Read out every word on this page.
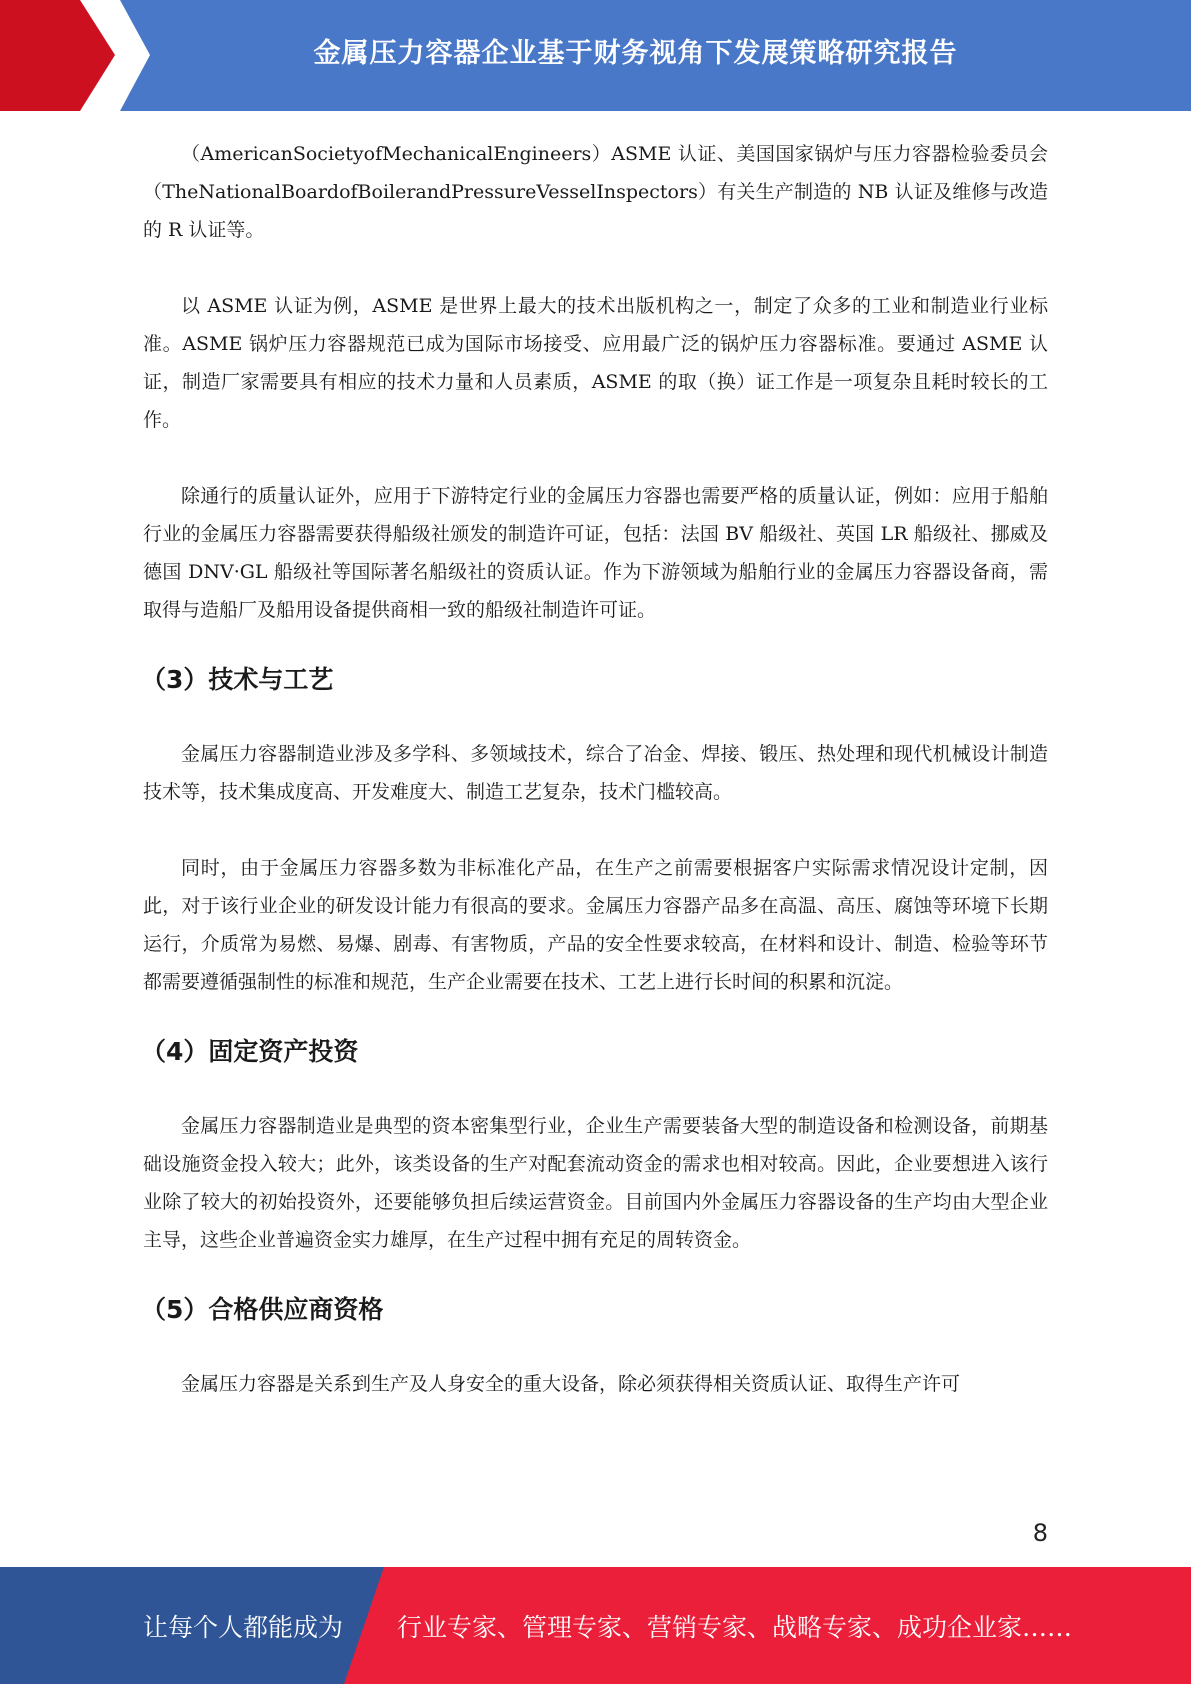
金属压力容器企业基于财务视角下发展策略研究报告

（AmericanSocietyofMechanicalEngineers）ASME 认证、美国国家锅炉与压力容器检验委员会（TheNationalBoardofBoilerandPressureVesselInspectors）有关生产制造的 NB 认证及维修与改造的 R 认证等。

以 ASME 认证为例，ASME 是世界上最大的技术出版机构之一，制定了众多的工业和制造业行业标准。ASME 锅炉压力容器规范已成为国际市场接受、应用最广泛的锅炉压力容器标准。要通过 ASME 认证，制造厂家需要具有相应的技术力量和人员素质，ASME 的取（换）证工作是一项复杂且耗时较长的工作。

除通行的质量认证外，应用于下游特定行业的金属压力容器也需要严格的质量认证，例如：应用于船舶行业的金属压力容器需要获得船级社颁发的制造许可证，包括：法国 BV 船级社、英国 LR 船级社、挪威及德国 DNV·GL 船级社等国际著名船级社的资质认证。作为下游领域为船舶行业的金属压力容器设备商，需取得与造船厂及船用设备提供商相一致的船级社制造许可证。

（3）技术与工艺

金属压力容器制造业涉及多学科、多领域技术，综合了冶金、焊接、锻压、热处理和现代机械设计制造技术等，技术集成度高、开发难度大、制造工艺复杂，技术门槛较高。

同时，由于金属压力容器多数为非标准化产品，在生产之前需要根据客户实际需求情况设计定制，因此，对于该行业企业的研发设计能力有很高的要求。金属压力容器产品多在高温、高压、腐蚀等环境下长期运行，介质常为易燃、易爆、剧毒、有害物质，产品的安全性要求较高，在材料和设计、制造、检验等环节都需要遵循强制性的标准和规范，生产企业需要在技术、工艺上进行长时间的积累和沉淀。

（4）固定资产投资

金属压力容器制造业是典型的资本密集型行业，企业生产需要装备大型的制造设备和检测设备，前期基础设施资金投入较大；此外，该类设备的生产对配套流动资金的需求也相对较高。因此，企业要想进入该行业除了较大的初始投资外，还要能够负担后续运营资金。目前国内外金属压力容器设备的生产均由大型企业主导，这些企业普遍资金实力雄厚，在生产过程中拥有充足的周转资金。

（5）合格供应商资格

金属压力容器是关系到生产及人身安全的重大设备，除必须获得相关资质认证、取得生产许可

8
让每个人都能成为 行业专家、管理专家、营销专家、战略专家、成功企业家……
